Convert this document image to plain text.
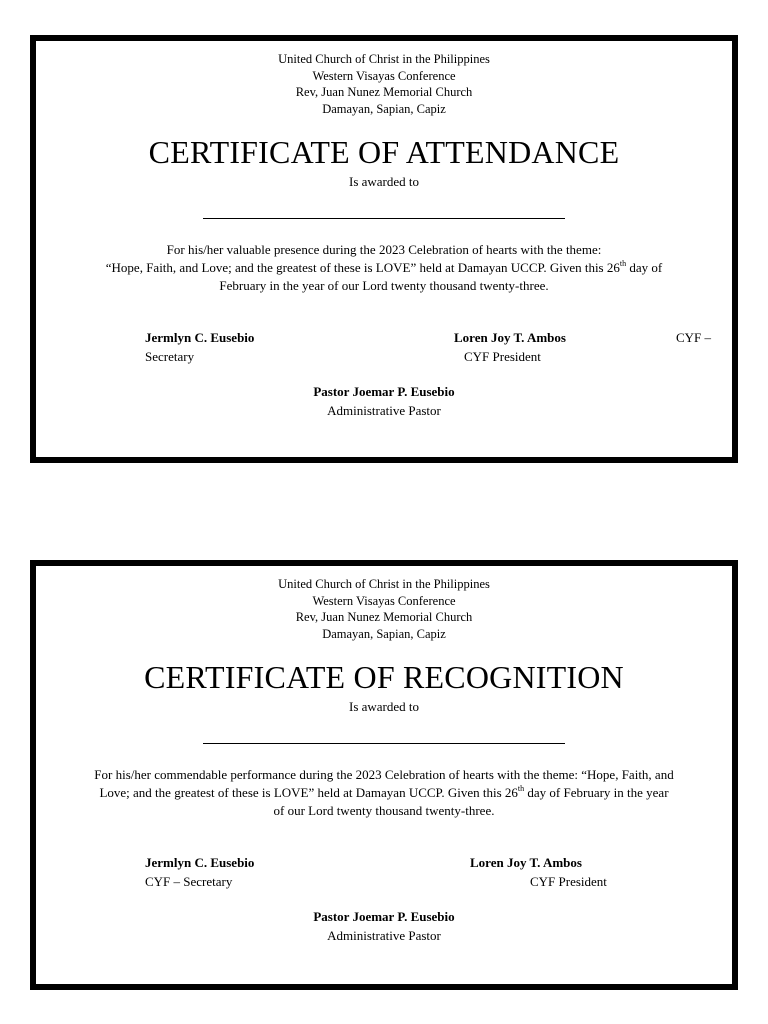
United Church of Christ in the Philippines
Western Visayas Conference
Rev, Juan Nunez Memorial Church
Damayan, Sapian, Capiz
CERTIFICATE OF ATTENDANCE
Is awarded to
For his/her valuable presence during the 2023 Celebration of hearts with the theme:
“Hope, Faith, and Love; and the greatest of these is LOVE” held at Damayan UCCP. Given this 26th day of
February in the year of our Lord twenty thousand twenty-three.
Jermlyn C. Eusebio
Secretary
Loren Joy T. Ambos
CYF President
CYF –
Pastor Joemar P. Eusebio
Administrative Pastor
United Church of Christ in the Philippines
Western Visayas Conference
Rev, Juan Nunez Memorial Church
Damayan, Sapian, Capiz
CERTIFICATE OF RECOGNITION
Is awarded to
For his/her commendable performance during the 2023 Celebration of hearts with the theme: “Hope, Faith, and
Love; and the greatest of these is LOVE” held at Damayan UCCP. Given this 26th day of February in the year
of our Lord twenty thousand twenty-three.
Jermlyn C. Eusebio
CYF – Secretary
Loren Joy T. Ambos
CYF President
Pastor Joemar P. Eusebio
Administrative Pastor
